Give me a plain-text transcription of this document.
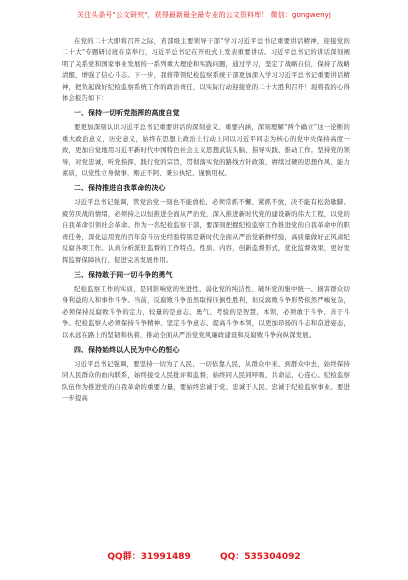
关注头条号"公文研究"，获得最新最全最专业的公文资料库！ 微信：gongwenyj

在党的二十大即将召开之际，省部级主要领导干部“学习习近平总书记重要讲话精神，迎接党的二十大”专题研讨班在京举行，习近平总书记在开班式上发表重要讲话。习近平总书记的讲话深刻阐明了关系党和国家事业发展的一系列重大理论和实践问题，通过学习，坚定了战略自信，保持了战略清醒，增强了信心斗志。下一步，我将带领纪检监察系统干部更加深入学习习近平总书记重要讲话精神，把负起做好纪检监察系统工作的政治责任，以实际行动迎接党的二十大胜利召开！现将我的心得体会报告如下：

一、保持一切听党指挥的高度自觉

要更加深刻认识习近平总书记重要讲话的深刻意义、重要内涵，深刻理解“两个确立”这一论断的重大政治意义、历史意义，始终在思想上政治上行动上同以习近平同志为核心的党中央保持高度一致，更加自觉地用习近平新时代中国特色社会主义思想武装头脑、指导实践、推动工作。坚持党的领导，对党忠诚，听党指挥，践行党的宗旨，贯彻落实党的路线方针政策，赓续过硬的思想作风、能力素质，以党性立身做事，刚正不阿、秉公执纪、谨慎用权。

二、保持推进自我革命的决心

习近平总书记强调，管党治党一刻也不能放松，必须常抓不懈、紧抓不放，决不能有松劲歇脚、疲劳厌战的情绪，必须持之以恒推进全面从严治党，深入推进新时代党的建设新的伟大工程，以党的自我革命引领社会革命。作为一名纪检监察干部，要深刻把握纪检监察工作推进党的自我革命中的职责任务，深化运用党的百年奋斗历史经验特别是新时代全面从严治党新鲜经验，高质量做好正风肃纪反腐各项工作。认真分析派驻监督的工作特点、性质、内容，创新监督形式，优化监督效果，更好发挥监督保障执行、促进完善发展作用。

三、保持敢于同一切斗争的勇气

纪检监察工作的实质，是同影响党的先进性、弱化党的纯洁性、破坏党的集中统一、损害群众切身利益的人和事作斗争。当前，反腐败斗争虽然取得压倒性胜利，但反腐败斗争形势依然严峻复杂，必须保持反腐败斗争的定力，较量的是意志、勇气、考验的是智慧、本领，必须敢于斗争、善于斗争。纪检监察人必须保持斗争精神、坚定斗争意志、提高斗争本领，以更加昂扬的斗志和奋进姿态，以永远在路上的坚韧和执着，推动全面从严治党党风廉政建设和反腐败斗争向纵深发展。

四、保持始终以人民为中心的恒心

习近平总书记强调，要坚持一切为了人民、一切依靠人民，从群众中来、到群众中去，始终保持同人民群众的血肉联系，始终接受人民批评和监督，始终同人民同呼吸、共命运、心连心。纪检监察队伍作为推进党的自我革命的重要力量，要始终忠诚于党、忠诚于人民、忠诚于纪检监察事业。要进一步提高

QQ群：31991489	QQ：535304092
